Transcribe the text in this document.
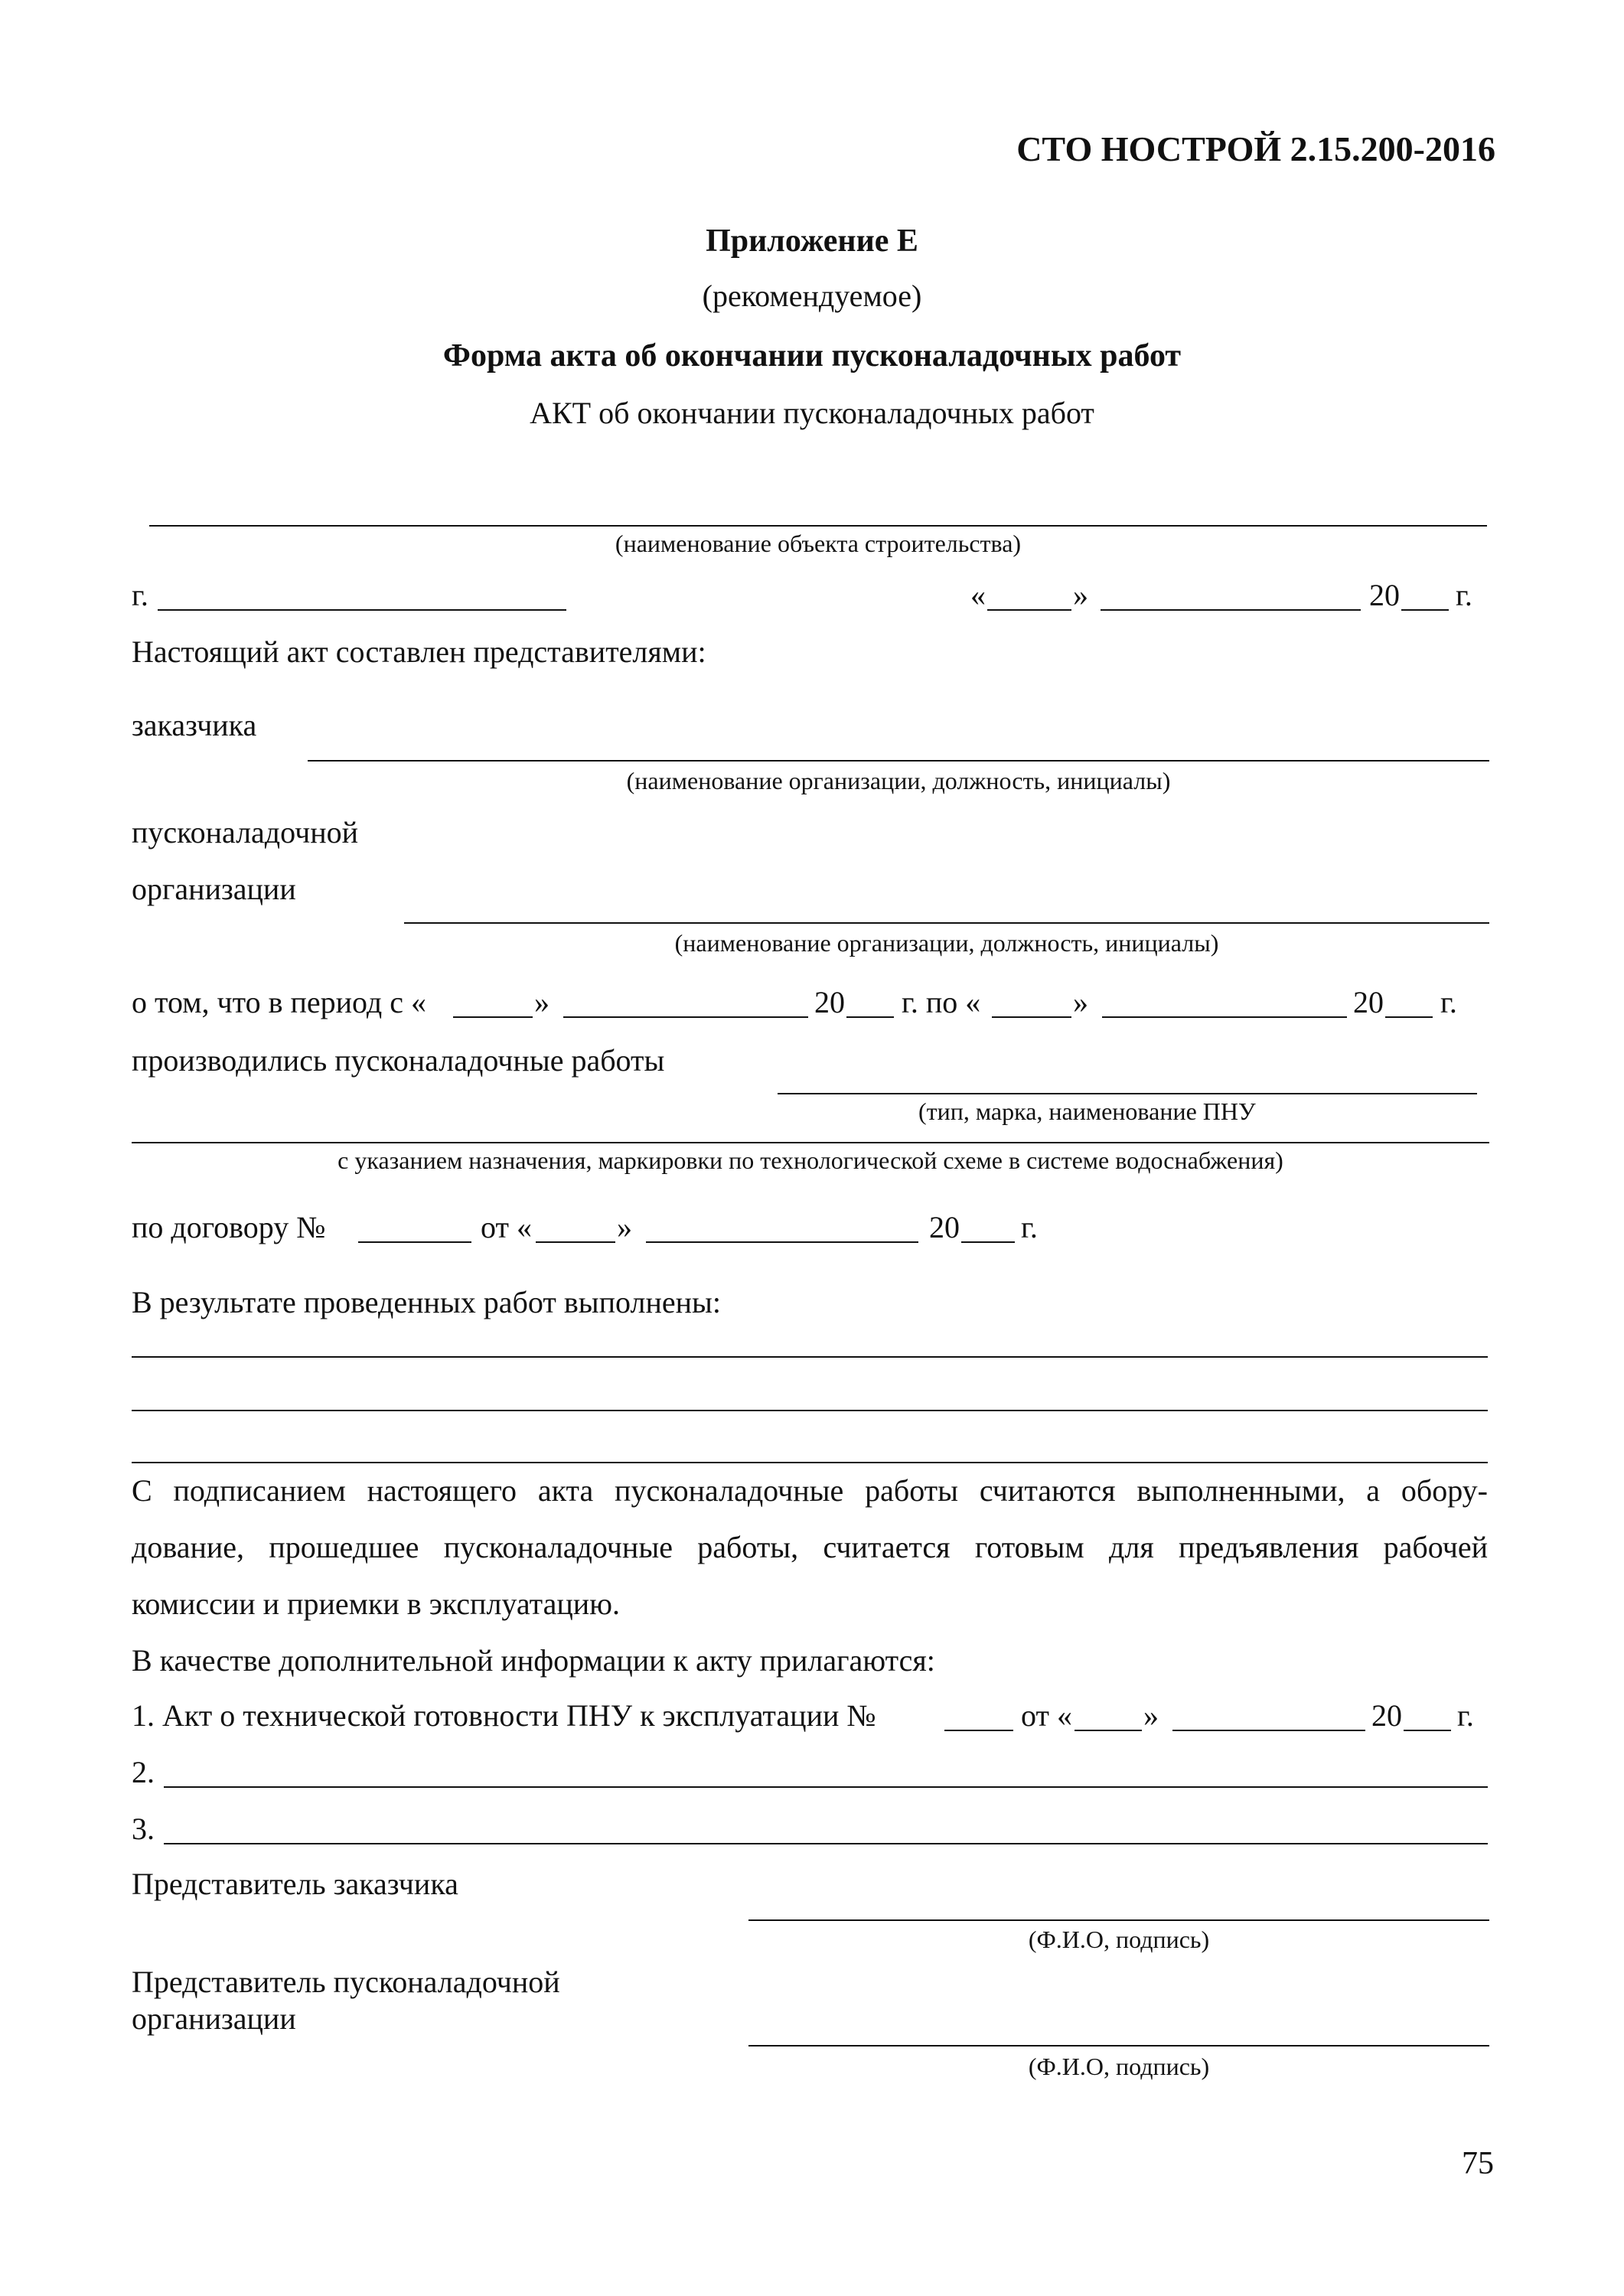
СТО НОСТРОЙ 2.15.200-2016
Приложение Е
(рекомендуемое)
Форма акта об окончании пусконаладочных работ
АКТ об окончании пусконаладочных работ
(наименование объекта строительства)
г.	«	»	20 г.
Настоящий акт составлен представителями:
заказчика
(наименование организации, должность, инициалы)
пусконаладочной
организации
(наименование организации, должность, инициалы)
о том, что в период с «	»	20 г. по «	»	20 г.
производились пусконаладочные работы
(тип, марка, наименование ПНУ
с указанием назначения, маркировки по технологической схеме в системе водоснабжения)
по договору №	от «	»	20 г.
В результате проведенных работ выполнены:
С подписанием настоящего акта пусконаладочные работы считаются выполненными, а обору-
дование, прошедшее пусконаладочные работы, считается готовым для предъявления рабочей
комиссии и приемки в эксплуатацию.
В качестве дополнительной информации к акту прилагаются:
1. Акт о технической готовности ПНУ к эксплуатации №	от « »	20 г.
2.
3.
Представитель заказчика
(Ф.И.О, подпись)
Представитель пусконаладочной
организации
(Ф.И.О, подпись)
75
